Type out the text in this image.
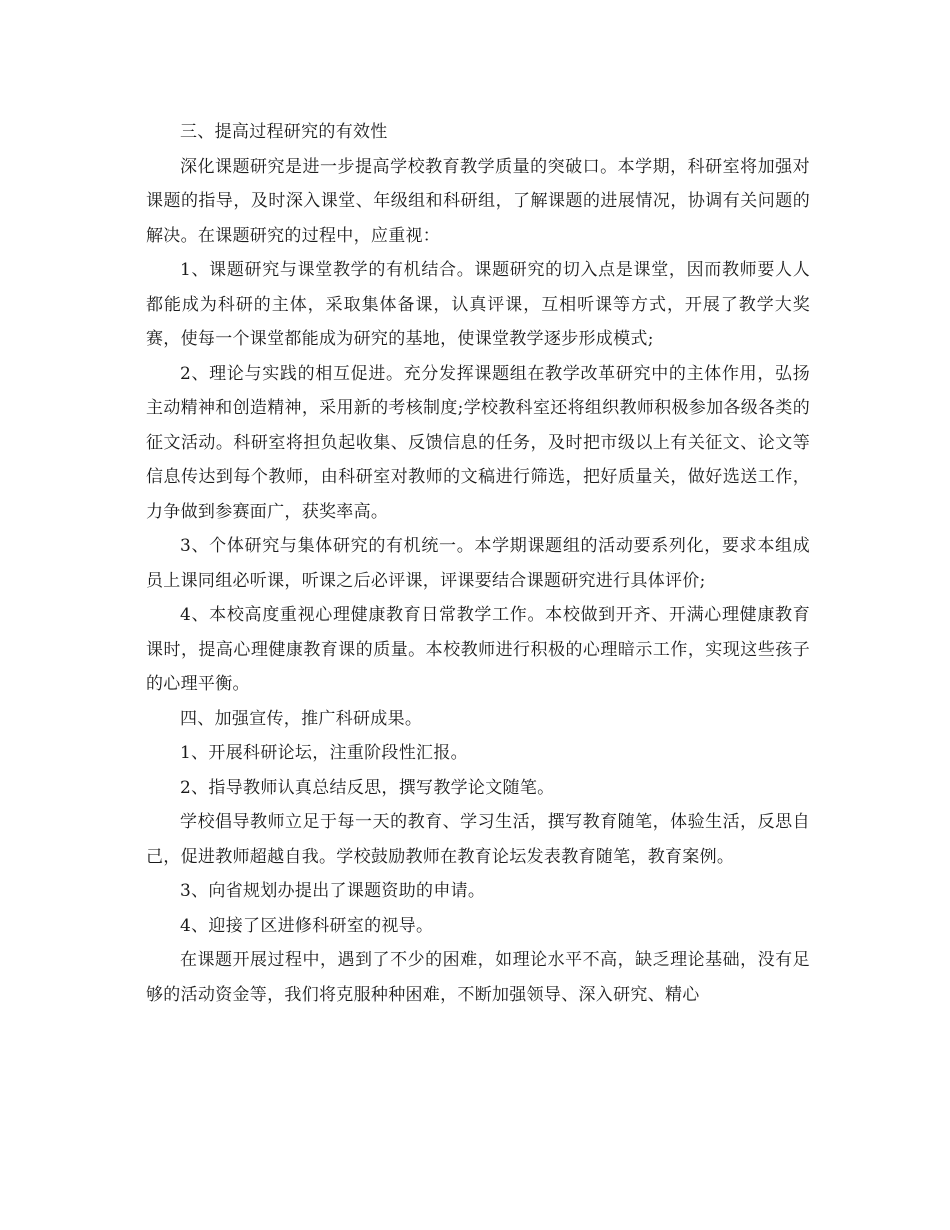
三、提高过程研究的有效性

深化课题研究是进一步提高学校教育教学质量的突破口。本学期，科研室将加强对课题的指导，及时深入课堂、年级组和科研组，了解课题的进展情况，协调有关问题的解决。在课题研究的过程中，应重视：

1、课题研究与课堂教学的有机结合。课题研究的切入点是课堂，因而教师要人人都能成为科研的主体，采取集体备课，认真评课，互相听课等方式，开展了教学大奖赛，使每一个课堂都能成为研究的基地，使课堂教学逐步形成模式;

2、理论与实践的相互促进。充分发挥课题组在教学改革研究中的主体作用，弘扬主动精神和创造精神，采用新的考核制度;学校教科室还将组织教师积极参加各级各类的征文活动。科研室将担负起收集、反馈信息的任务，及时把市级以上有关征文、论文等信息传达到每个教师，由科研室对教师的文稿进行筛选，把好质量关，做好选送工作，力争做到参赛面广，获奖率高。

3、个体研究与集体研究的有机统一。本学期课题组的活动要系列化，要求本组成员上课同组必听课，听课之后必评课，评课要结合课题研究进行具体评价;

4、本校高度重视心理健康教育日常教学工作。本校做到开齐、开满心理健康教育课时，提高心理健康教育课的质量。本校教师进行积极的心理暗示工作，实现这些孩子的心理平衡。

四、加强宣传，推广科研成果。

1、开展科研论坛，注重阶段性汇报。

2、指导教师认真总结反思，撰写教学论文随笔。

学校倡导教师立足于每一天的教育、学习生活，撰写教育随笔，体验生活，反思自己，促进教师超越自我。学校鼓励教师在教育论坛发表教育随笔，教育案例。

3、向省规划办提出了课题资助的申请。

4、迎接了区进修科研室的视导。

在课题开展过程中，遇到了不少的困难，如理论水平不高，缺乏理论基础，没有足够的活动资金等，我们将克服种种困难，不断加强领导、深入研究、精心
